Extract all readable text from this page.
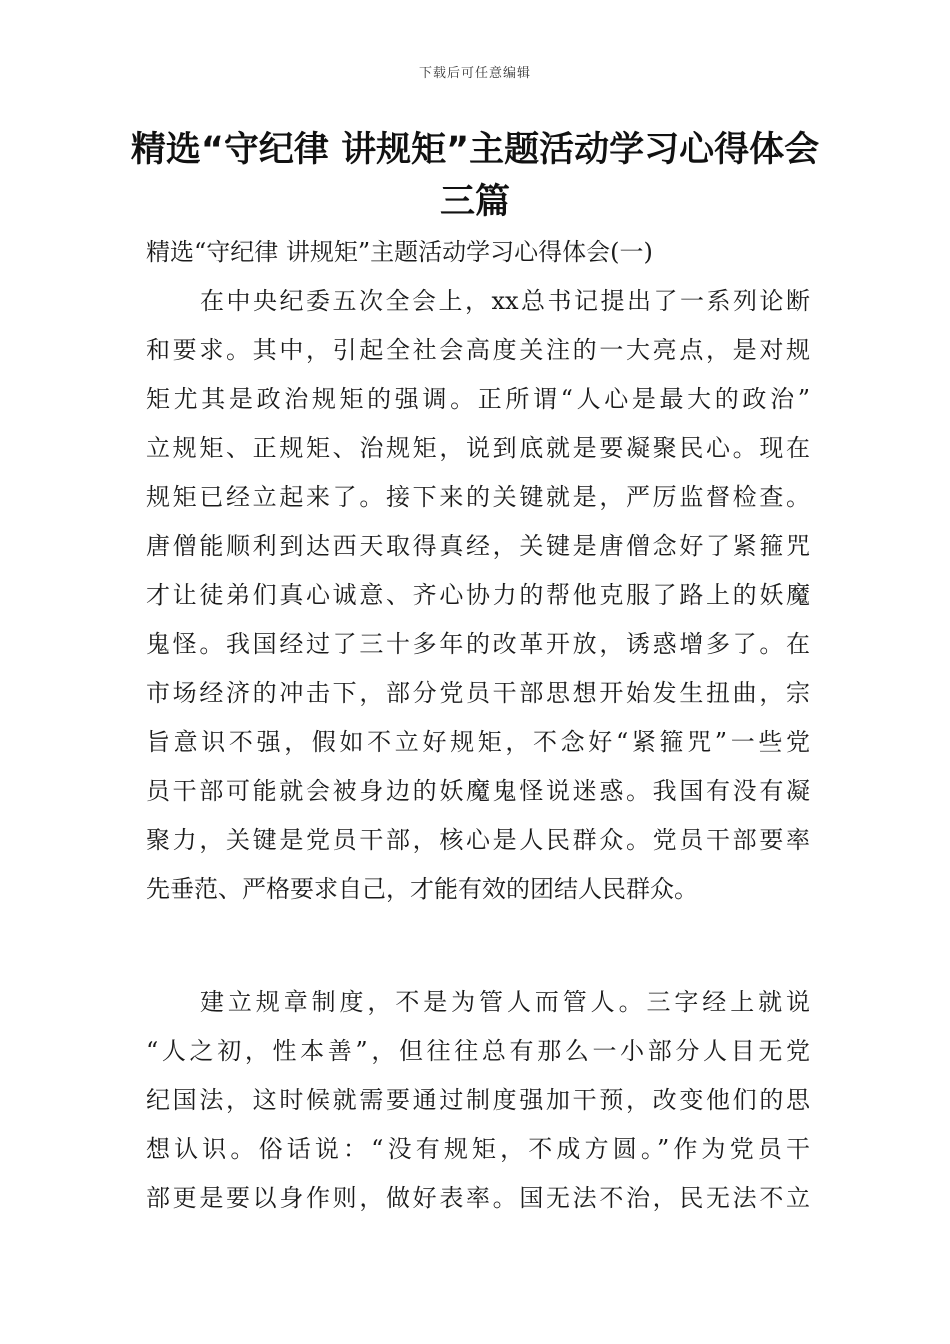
下载后可任意编辑
精选“守纪律 讲规矩”主题活动学习心得体会三篇

精选“守纪律 讲规矩”主题活动学习心得体会(一)

在中央纪委五次全会上，xx总书记提出了一系列论断
和要求。其中，引起全社会高度关注的一大亮点，是对规
矩尤其是政治规矩的强调。正所谓“人心是最大的政治”
立规矩、正规矩、治规矩，说到底就是要凝聚民心。现在
规矩已经立起来了。接下来的关键就是，严厉监督检查。
唐僧能顺利到达西天取得真经，关键是唐僧念好了紧箍咒
才让徒弟们真心诚意、齐心协力的帮他克服了路上的妖魔
鬼怪。我国经过了三十多年的改革开放，诱惑增多了。在
市场经济的冲击下，部分党员干部思想开始发生扭曲，宗
旨意识不强，假如不立好规矩，不念好“紧箍咒”一些党
员干部可能就会被身边的妖魔鬼怪说迷惑。我国有没有凝
聚力，关键是党员干部，核心是人民群众。党员干部要率
先垂范、严格要求自己，才能有效的团结人民群众。
建立规章制度，不是为管人而管人。三字经上就说
“人之初，性本善”，但往往总有那么一小部分人目无党
纪国法，这时候就需要通过制度强加干预，改变他们的思
想认识。俗话说：“没有规矩，不成方圆。”作为党员干
部更是要以身作则，做好表率。国无法不治，民无法不立
